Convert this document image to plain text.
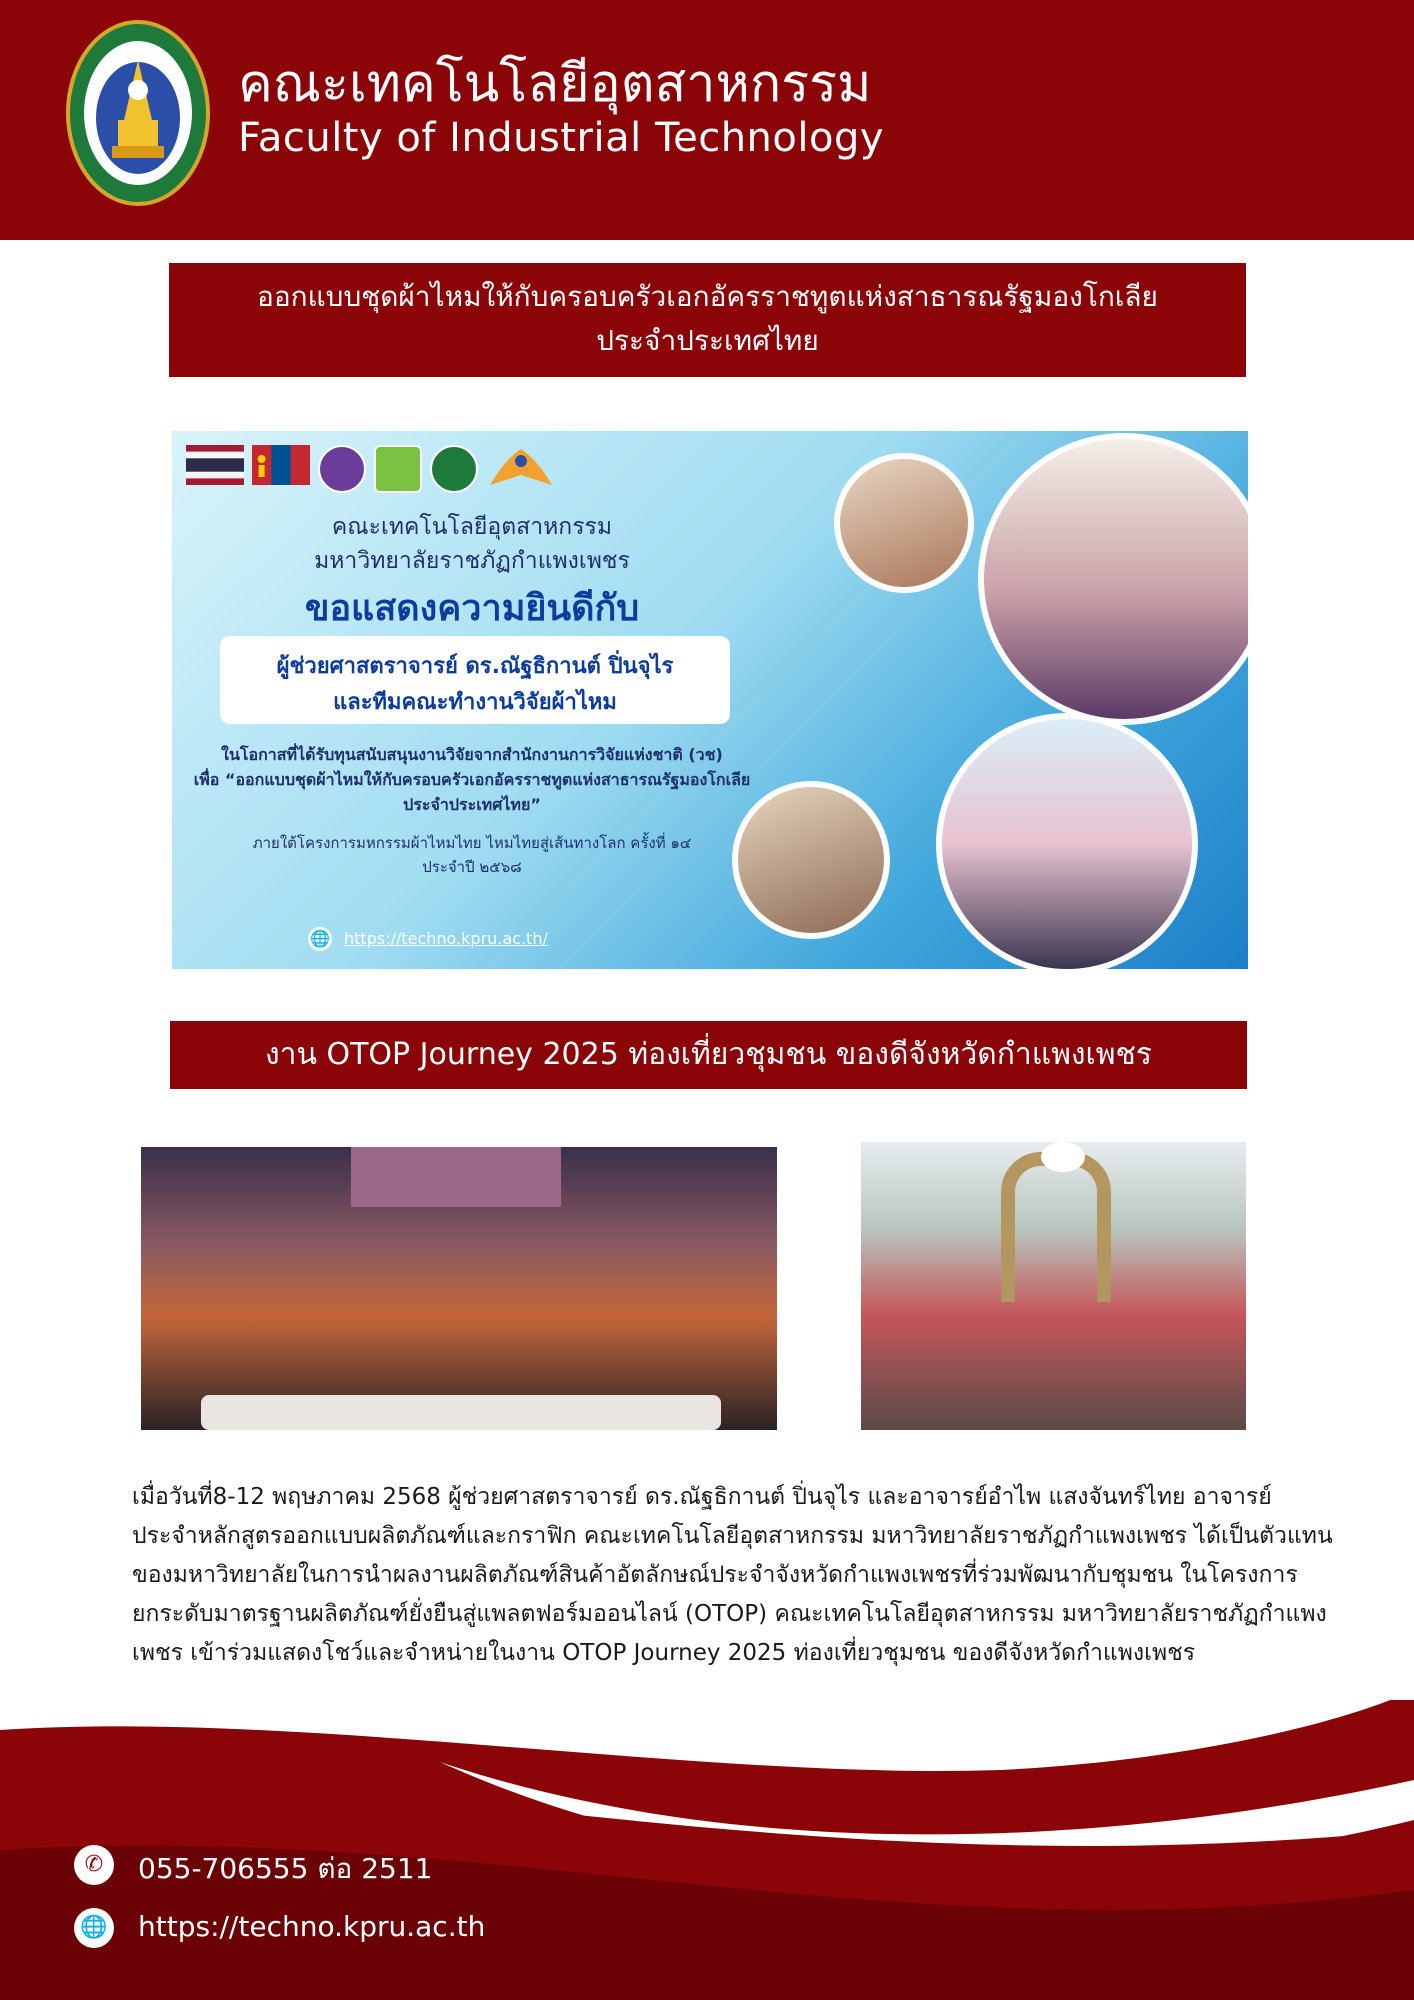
คณะเทคโนโลยีอุตสาหกรรม
Faculty of Industrial Technology
ออกแบบชุดผ้าไหมให้กับครอบครัวเอกอัครราชทูตแห่งสาธารณรัฐมองโกเลีย
ประจำประเทศไทย
คณะเทคโนโลยีอุตสาหกรรม
มหาวิทยาลัยราชภัฏกำแพงเพชร
ขอแสดงความยินดีกับ
ผู้ช่วยศาสตราจารย์ ดร.ณัฐธิกานต์ ปิ่นจุไร
และทีมคณะทำงานวิจัยผ้าไหม
ในโอกาสที่ได้รับทุนสนับสนุนงานวิจัยจากสำนักงานการวิจัยแห่งชาติ (วช)
เพื่อ “ออกแบบชุดผ้าไหมให้กับครอบครัวเอกอัครราชทูตแห่งสาธารณรัฐมองโกเลีย
ประจำประเทศไทย”
ภายใต้โครงการมหกรรมผ้าไหมไทย ไหมไทยสู่เส้นทางโลก ครั้งที่ ๑๔
ประจำปี ๒๕๖๘
🌐 https://techno.kpru.ac.th/
งาน OTOP Journey 2025 ท่องเที่ยวชุมชน ของดีจังหวัดกำแพงเพชร
เมื่อวันที่8-12 พฤษภาคม 2568 ผู้ช่วยศาสตราจารย์ ดร.ณัฐธิกานต์ ปิ่นจุไร และอาจารย์อำไพ แสงจันทร์ไทย อาจารย์
ประจำหลักสูตรออกแบบผลิตภัณฑ์และกราฟิก คณะเทคโนโลยีอุตสาหกรรม มหาวิทยาลัยราชภัฏกำแพงเพชร ได้เป็นตัวแทน
ของมหาวิทยาลัยในการนำผลงานผลิตภัณฑ์สินค้าอัตลักษณ์ประจำจังหวัดกำแพงเพชรที่ร่วมพัฒนากับชุมชน ในโครงการ
ยกระดับมาตรฐานผลิตภัณฑ์ยั่งยืนสู่แพลตฟอร์มออนไลน์ (OTOP) คณะเทคโนโลยีอุตสาหกรรม มหาวิทยาลัยราชภัฏกำแพง
เพชร เข้าร่วมแสดงโชว์และจำหน่ายในงาน OTOP Journey 2025 ท่องเที่ยวชุมชน ของดีจังหวัดกำแพงเพชร
✆	055-706555 ต่อ 2511
🌐 https://techno.kpru.ac.th
